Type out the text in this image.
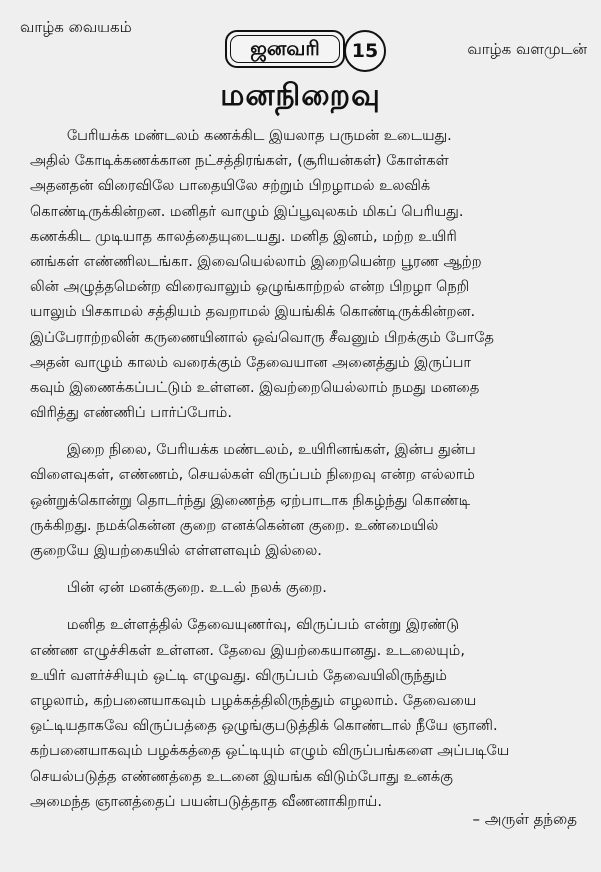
வாழ்க வையகம்
ஜனவரி 15	வாழ்க வளமுடன்
மனநிறைவு
பேரியக்க மண்டலம் கணக்கிட இயலாத பருமன் உடையது.
அதில் கோடிக்கணக்கான நட்சத்திரங்கள், (சூரியன்கள்) கோள்கள்
அதனதன் விரைவிலே பாதையிலே சற்றும் பிறழாமல் உலவிக்
கொண்டிருக்கின்றன. மனிதர் வாழும் இப்பூவுலகம் மிகப் பெரியது.
கணக்கிட முடியாத காலத்தையுடையது. மனித இனம், மற்ற உயிரி
னங்கள் எண்ணிலடங்கா. இவையெல்லாம் இறையென்ற பூரண ஆற்ற
லின் அழுத்தமென்ற விரைவாலும் ஒழுங்காற்றல் என்ற பிறழா நெறி
யாலும் பிசகாமல் சத்தியம் தவறாமல் இயங்கிக் கொண்டிருக்கின்றன.
இப்பேராற்றலின் கருணையினால் ஒவ்வொரு சீவனும் பிறக்கும் போதே
அதன் வாழும் காலம் வரைக்கும் தேவையான அனைத்தும் இருப்பா
கவும் இணைக்கப்பட்டும் உள்ளன. இவற்றையெல்லாம் நமது மனதை
விரித்து எண்ணிப் பார்ப்போம்.
இறை நிலை, பேரியக்க மண்டலம், உயிரினங்கள், இன்ப துன்ப
விளைவுகள், எண்ணம், செயல்கள் விருப்பம் நிறைவு என்ற எல்லாம்
ஒன்றுக்கொன்று தொடர்ந்து இணைந்த ஏற்பாடாக நிகழ்ந்து கொண்டி
ருக்கிறது. நமக்கென்ன குறை எனக்கென்ன குறை. உண்மையில்
குறையே இயற்கையில் எள்ளளவும் இல்லை.
பின் ஏன் மனக்குறை. உடல் நலக் குறை.
மனித உள்ளத்தில் தேவையுணர்வு, விருப்பம் என்று இரண்டு
எண்ண எழுச்சிகள் உள்ளன. தேவை இயற்கையானது. உடலையும்,
உயிர் வளர்ச்சியும் ஒட்டி எழுவது. விருப்பம் தேவையிலிருந்தும்
எழலாம், கற்பனையாகவும் பழக்கத்திலிருந்தும் எழலாம். தேவையை
ஒட்டியதாகவே விருப்பத்தை ஒழுங்குபடுத்திக் கொண்டால் நீயே ஞானி.
கற்பனையாகவும் பழக்கத்தை ஒட்டியும் எழும் விருப்பங்களை அப்படியே
செயல்படுத்த எண்ணத்தை உடனை இயங்க விடும்போது உனக்கு
அமைந்த ஞானத்தைப் பயன்படுத்தாத வீணனாகிறாய்.
– அருள் தந்தை
